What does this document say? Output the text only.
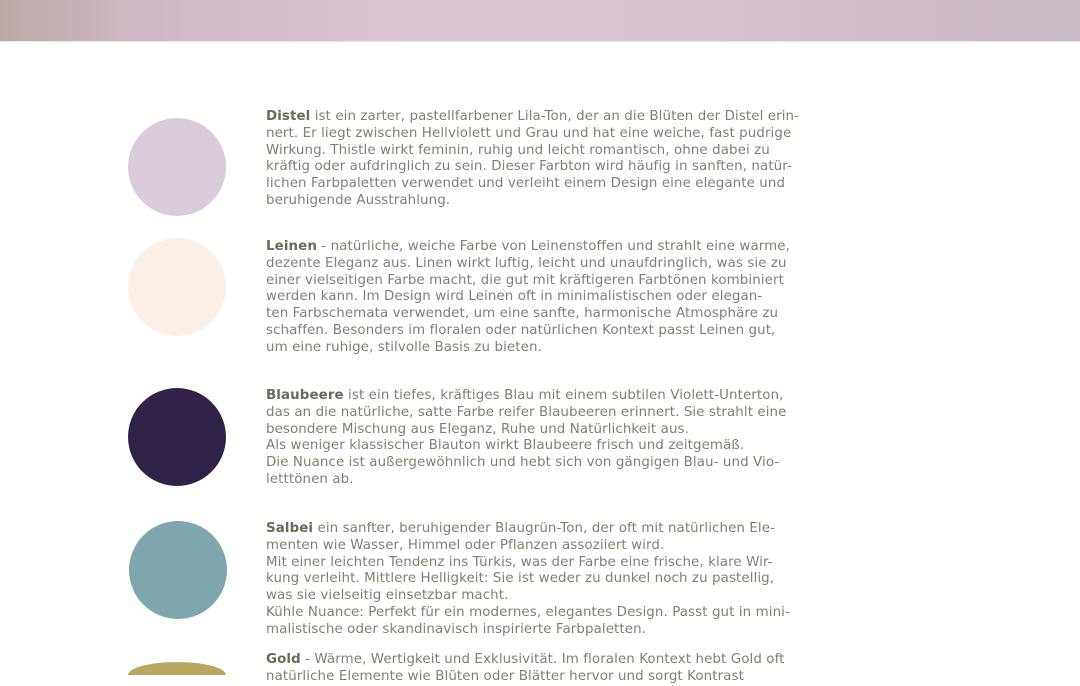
Distel ist ein zarter, pastellfarbener Lila-Ton, der an die Blüten der Distel erin-
nert. Er liegt zwischen Hellviolett und Grau und hat eine weiche, fast pudrige
Wirkung. Thistle wirkt feminin, ruhig und leicht romantisch, ohne dabei zu
kräftig oder aufdringlich zu sein. Dieser Farbton wird häufig in sanften, natür-
lichen Farbpaletten verwendet und verleiht einem Design eine elegante und
beruhigende Ausstrahlung.

Leinen - natürliche, weiche Farbe von Leinenstoffen und strahlt eine warme,
dezente Eleganz aus. Linen wirkt luftig, leicht und unaufdringlich, was sie zu
einer vielseitigen Farbe macht, die gut mit kräftigeren Farbtönen kombiniert
werden kann. Im Design wird Leinen oft in minimalistischen oder elegan-
ten Farbschemata verwendet, um eine sanfte, harmonische Atmosphäre zu
schaffen. Besonders im floralen oder natürlichen Kontext passt Leinen gut,
um eine ruhige, stilvolle Basis zu bieten.

Blaubeere ist ein tiefes, kräftiges Blau mit einem subtilen Violett-Unterton,
das an die natürliche, satte Farbe reifer Blaubeeren erinnert. Sie strahlt eine
besondere Mischung aus Eleganz, Ruhe und Natürlichkeit aus.
Als weniger klassischer Blauton wirkt Blaubeere frisch und zeitgemäß.
Die Nuance ist außergewöhnlich und hebt sich von gängigen Blau- und Vio-
letttönen ab.

Salbei ein sanfter, beruhigender Blaugrün-Ton, der oft mit natürlichen Ele-
menten wie Wasser, Himmel oder Pflanzen assoziiert wird.
Mit einer leichten Tendenz ins Türkis, was der Farbe eine frische, klare Wir-
kung verleiht. Mittlere Helligkeit: Sie ist weder zu dunkel noch zu pastellig,
was sie vielseitig einsetzbar macht.
Kühle Nuance: Perfekt für ein modernes, elegantes Design. Passt gut in mini-
malistische oder skandinavisch inspirierte Farbpaletten.

Gold - Wärme, Wertigkeit und Exklusivität. Im floralen Kontext hebt Gold oft
natürliche Elemente wie Blüten oder Blätter hervor und sorgt Kontrast
